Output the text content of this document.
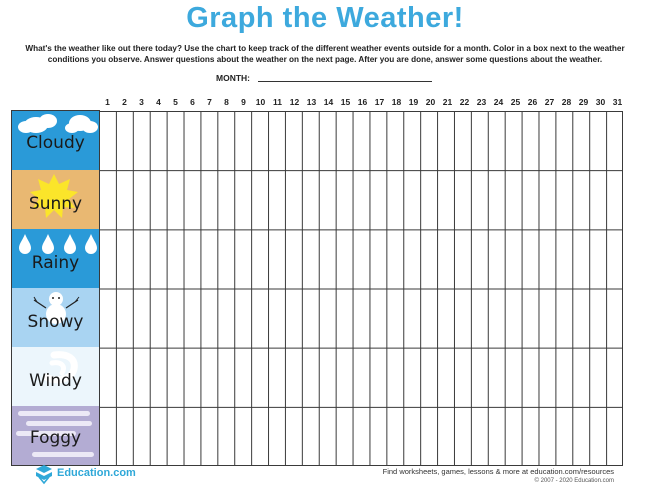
Graph the Weather!
What's the weather like out there today? Use the chart to keep track of the different weather events outside for a month. Color in a box next to the weather conditions you observe. Answer questions about the weather on the next page. After you are done, answer some questions about the weather.
MONTH:
1	2	3	4	5	6	7	8	9	10 11 12 13 14 15 16 17 18 19 20 21 22 23 24 25 26 27 28 29 30 31
Cloudy
Sunny
Rainy
Snowy
Windy
Foggy
Education.com	Find worksheets, games, lessons & more at education.com/resources
© 2007 - 2020 Education.com
